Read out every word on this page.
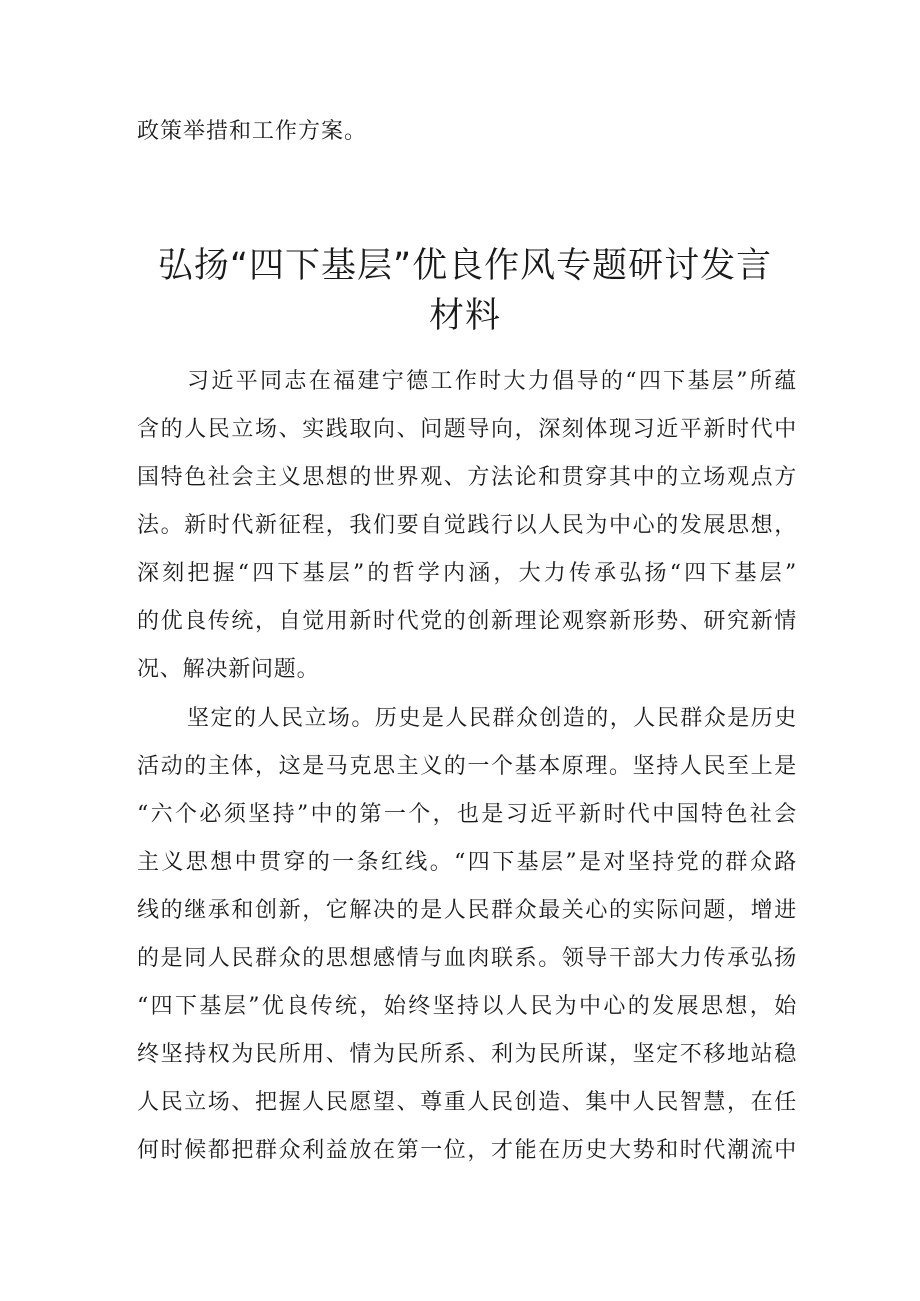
政策举措和工作方案。
弘扬“四下基层”优良作风专题研讨发言
材料
习近平同志在福建宁德工作时大力倡导的“四下基层”所蕴
含的人民立场、实践取向、问题导向，深刻体现习近平新时代中
国特色社会主义思想的世界观、方法论和贯穿其中的立场观点方
法。新时代新征程，我们要自觉践行以人民为中心的发展思想，
深刻把握“四下基层”的哲学内涵，大力传承弘扬“四下基层”
的优良传统，自觉用新时代党的创新理论观察新形势、研究新情
况、解决新问题。
坚定的人民立场。历史是人民群众创造的，人民群众是历史
活动的主体，这是马克思主义的一个基本原理。坚持人民至上是
“六个必须坚持”中的第一个，也是习近平新时代中国特色社会
主义思想中贯穿的一条红线。“四下基层”是对坚持党的群众路
线的继承和创新，它解决的是人民群众最关心的实际问题，增进
的是同人民群众的思想感情与血肉联系。领导干部大力传承弘扬
“四下基层”优良传统，始终坚持以人民为中心的发展思想，始
终坚持权为民所用、情为民所系、利为民所谋，坚定不移地站稳
人民立场、把握人民愿望、尊重人民创造、集中人民智慧，在任
何时候都把群众利益放在第一位，才能在历史大势和时代潮流中
